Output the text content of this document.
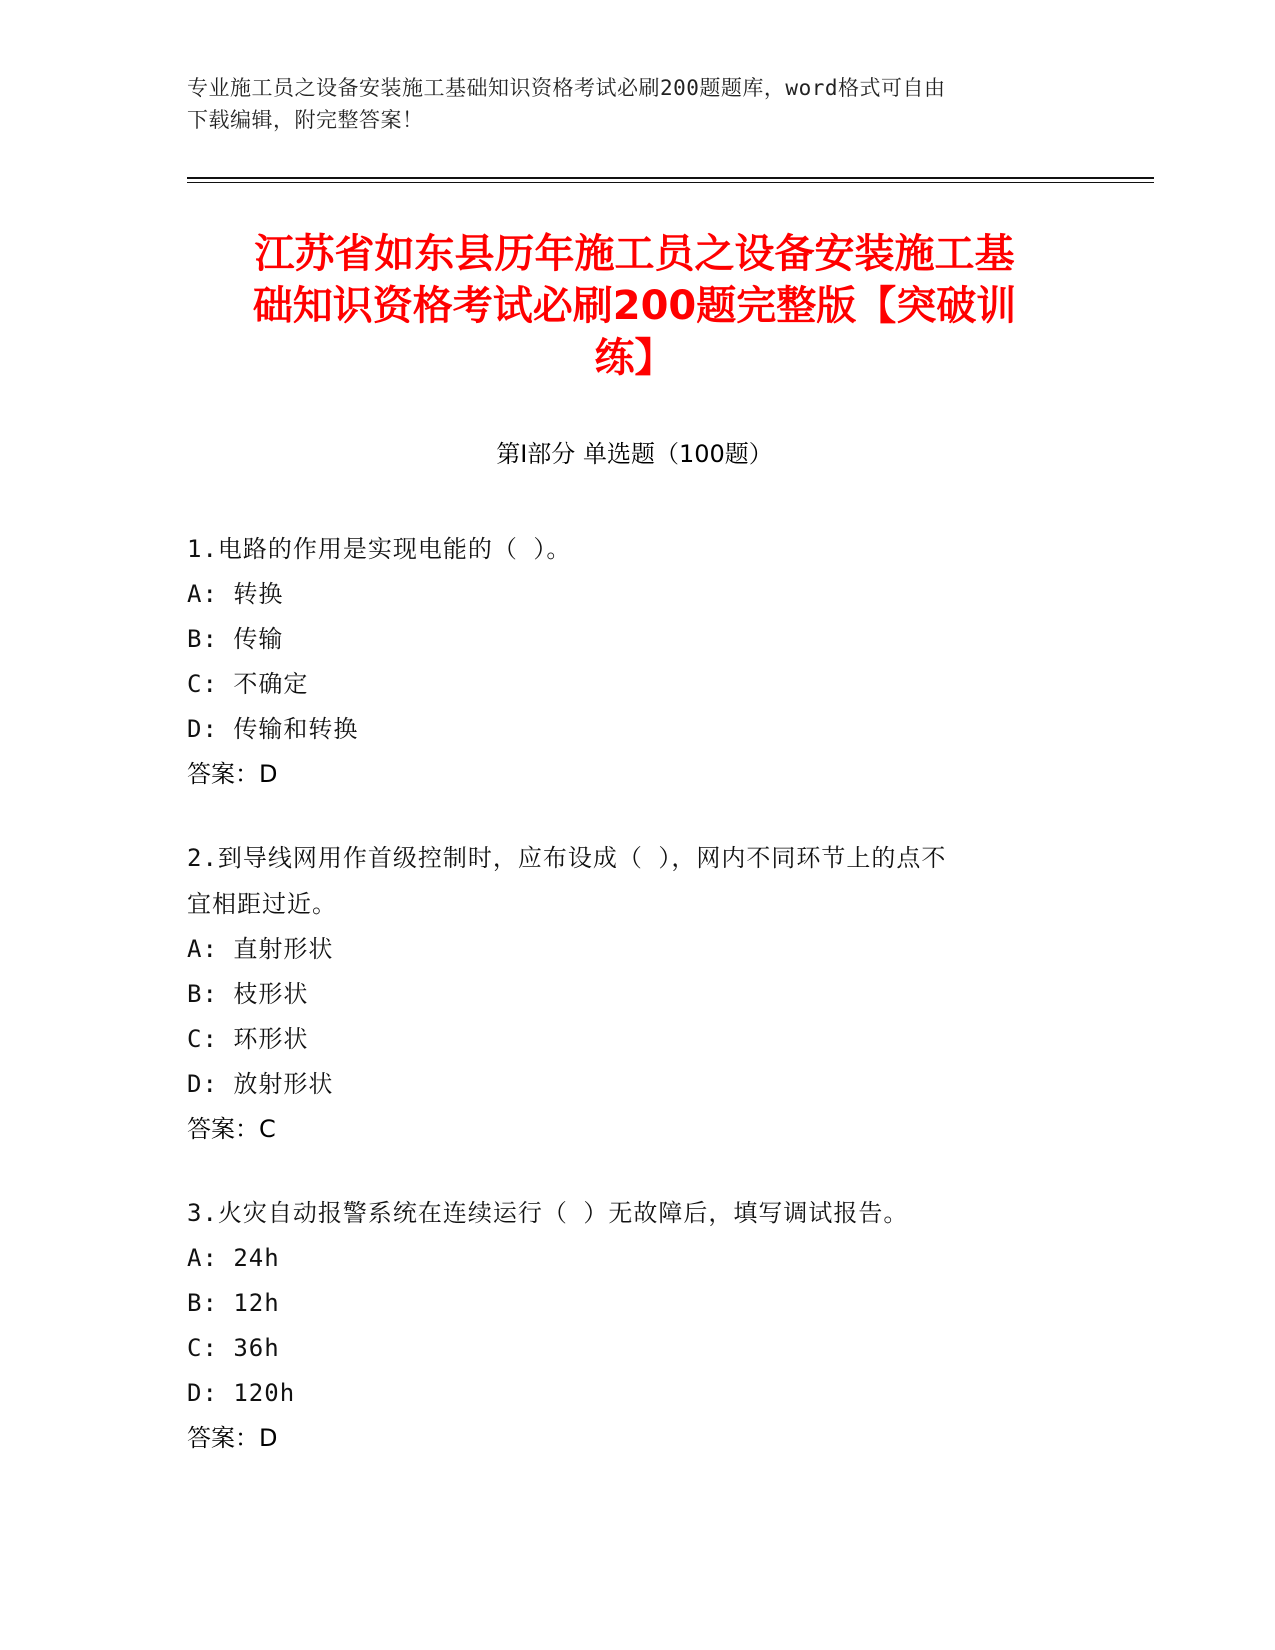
专业施工员之设备安装施工基础知识资格考试必刷200题题库，word格式可自由
下载编辑，附完整答案！
江苏省如东县历年施工员之设备安装施工基
础知识资格考试必刷200题完整版【突破训
练】
第Ⅰ部分 单选题（100题）

1.电路的作用是实现电能的（ ）。

A: 转换

B: 传输

C: 不确定

D: 传输和转换

答案：D

2.到导线网用作首级控制时，应布设成（ ），网内不同环节上的点不

宜相距过近。

A: 直射形状

B: 枝形状

C: 环形状

D: 放射形状

答案：C

3.火灾自动报警系统在连续运行（ ）无故障后，填写调试报告。

A: 24h

B: 12h

C: 36h

D: 120h

答案：D
